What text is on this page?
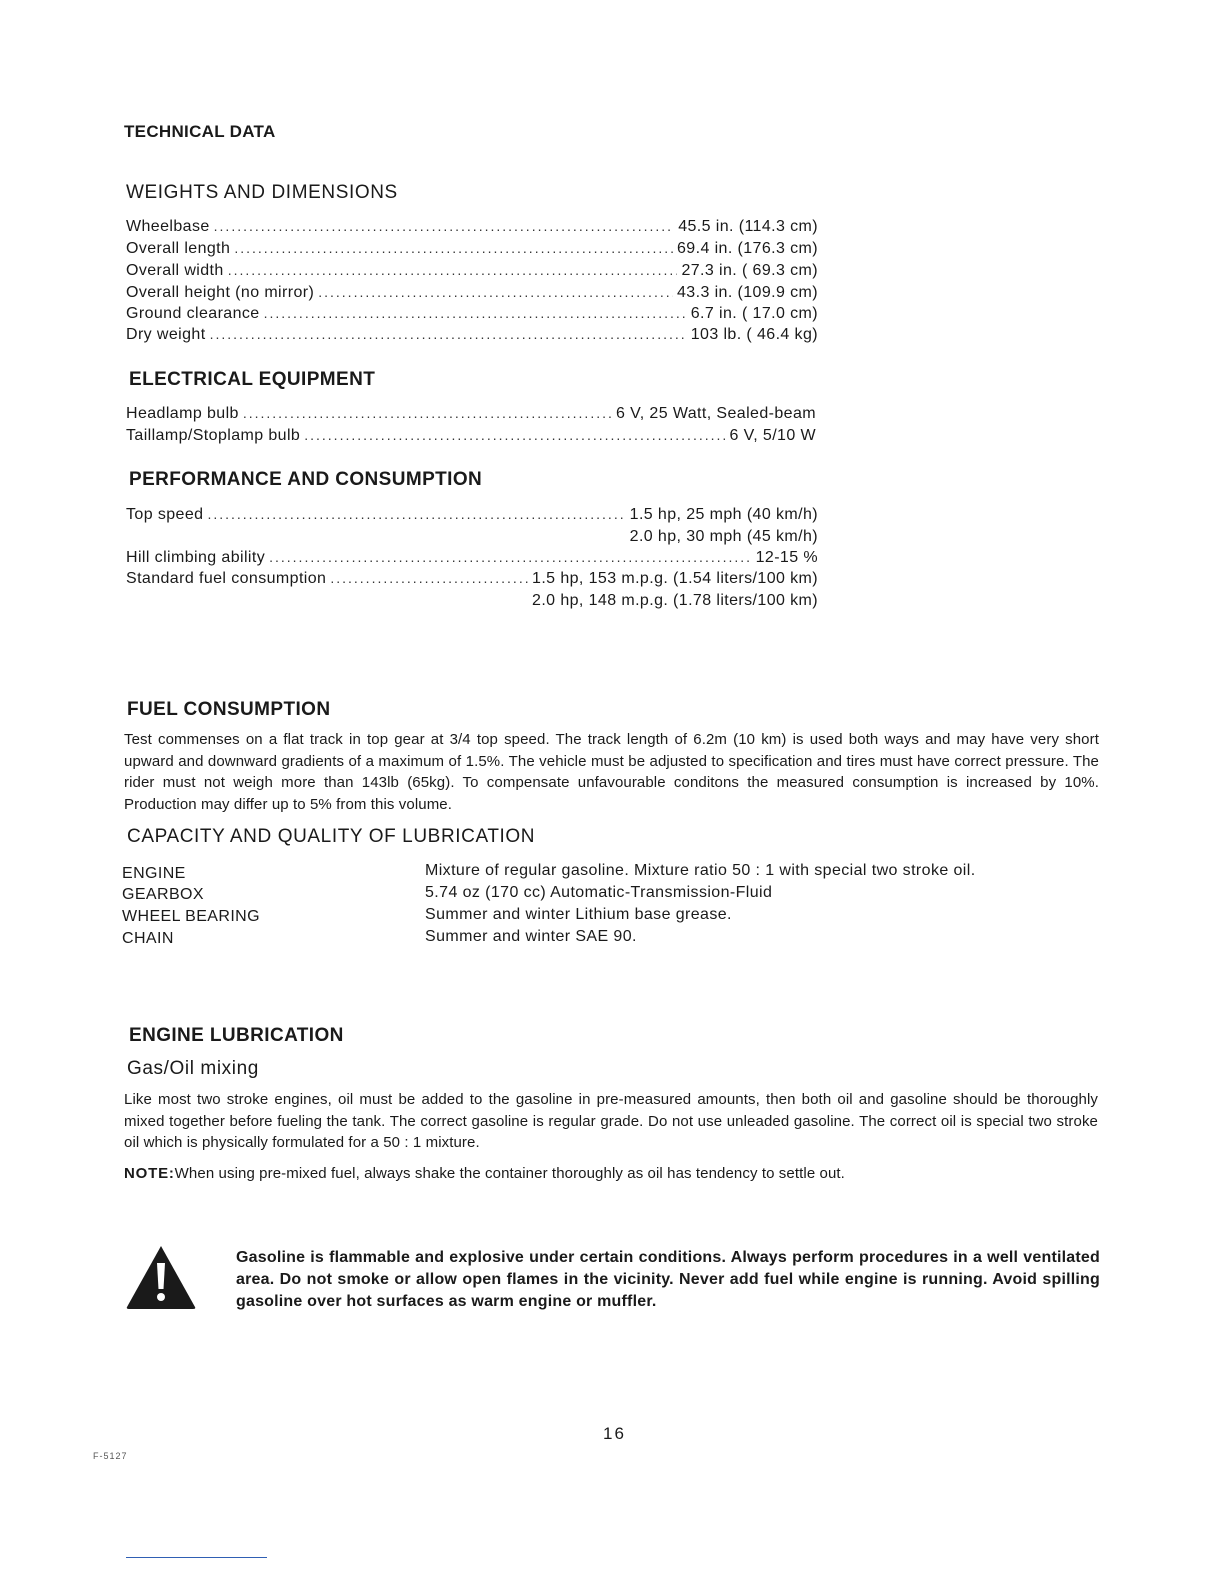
TECHNICAL DATA
WEIGHTS AND DIMENSIONS
Wheelbase .....	45.5 in. (114.3 cm)
Overall length .....	69.4 in. (176.3 cm)
Overall width .....	27.3 in. ( 69.3 cm)
Overall height (no mirror) .....	43.3 in. (109.9 cm)
Ground clearance .....	6.7 in. ( 17.0 cm)
Dry weight .....	103 lb. ( 46.4 kg)
ELECTRICAL EQUIPMENT
Headlamp bulb .....	6 V, 25 Watt, Sealed-beam
Taillamp/Stoplamp bulb .....	6 V, 5/10 W
PERFORMANCE AND CONSUMPTION
Top speed .....	1.5 hp, 25 mph (40 km/h)
2.0 hp, 30 mph (45 km/h)
Hill climbing ability .....	12-15 %
Standard fuel consumption .....	1.5 hp, 153 m.p.g. (1.54 liters/100 km)
2.0 hp, 148 m.p.g. (1.78 liters/100 km)
FUEL CONSUMPTION
Test commenses on a flat track in top gear at 3/4 top speed. The track length of 6.2m (10 km) is used both ways and may have very short upward and downward gradients of a maximum of 1.5%. The vehicle must be adjusted to specification and tires must have correct pressure. The rider must not weigh more than 143lb (65kg). To compensate unfavourable conditons the measured consumption is increased by 10%. Production may differ up to 5% from this volume.
CAPACITY AND QUALITY OF LUBRICATION
ENGINE	Mixture of regular gasoline. Mixture ratio 50 : 1 with special two stroke oil.
GEARBOX	5.74 oz (170 cc) Automatic-Transmission-Fluid
WHEEL BEARING	Summer and winter Lithium base grease.
CHAIN	Summer and winter SAE 90.
ENGINE LUBRICATION
Gas/Oil mixing
Like most two stroke engines, oil must be added to the gasoline in pre-measured amounts, then both oil and gasoline should be thoroughly mixed together before fueling the tank. The correct gasoline is regular grade. Do not use unleaded gasoline. The correct oil is special two stroke oil which is physically formulated for a 50 : 1 mixture.
NOTE:When using pre-mixed fuel, always shake the container thoroughly as oil has tendency to settle out.
Gasoline is flammable and explosive under certain conditions. Always perform procedures in a well ventilated area. Do not smoke or allow open flames in the vicinity. Never add fuel while engine is running. Avoid spilling gasoline over hot surfaces as warm engine or muffler.
16
F-5127
